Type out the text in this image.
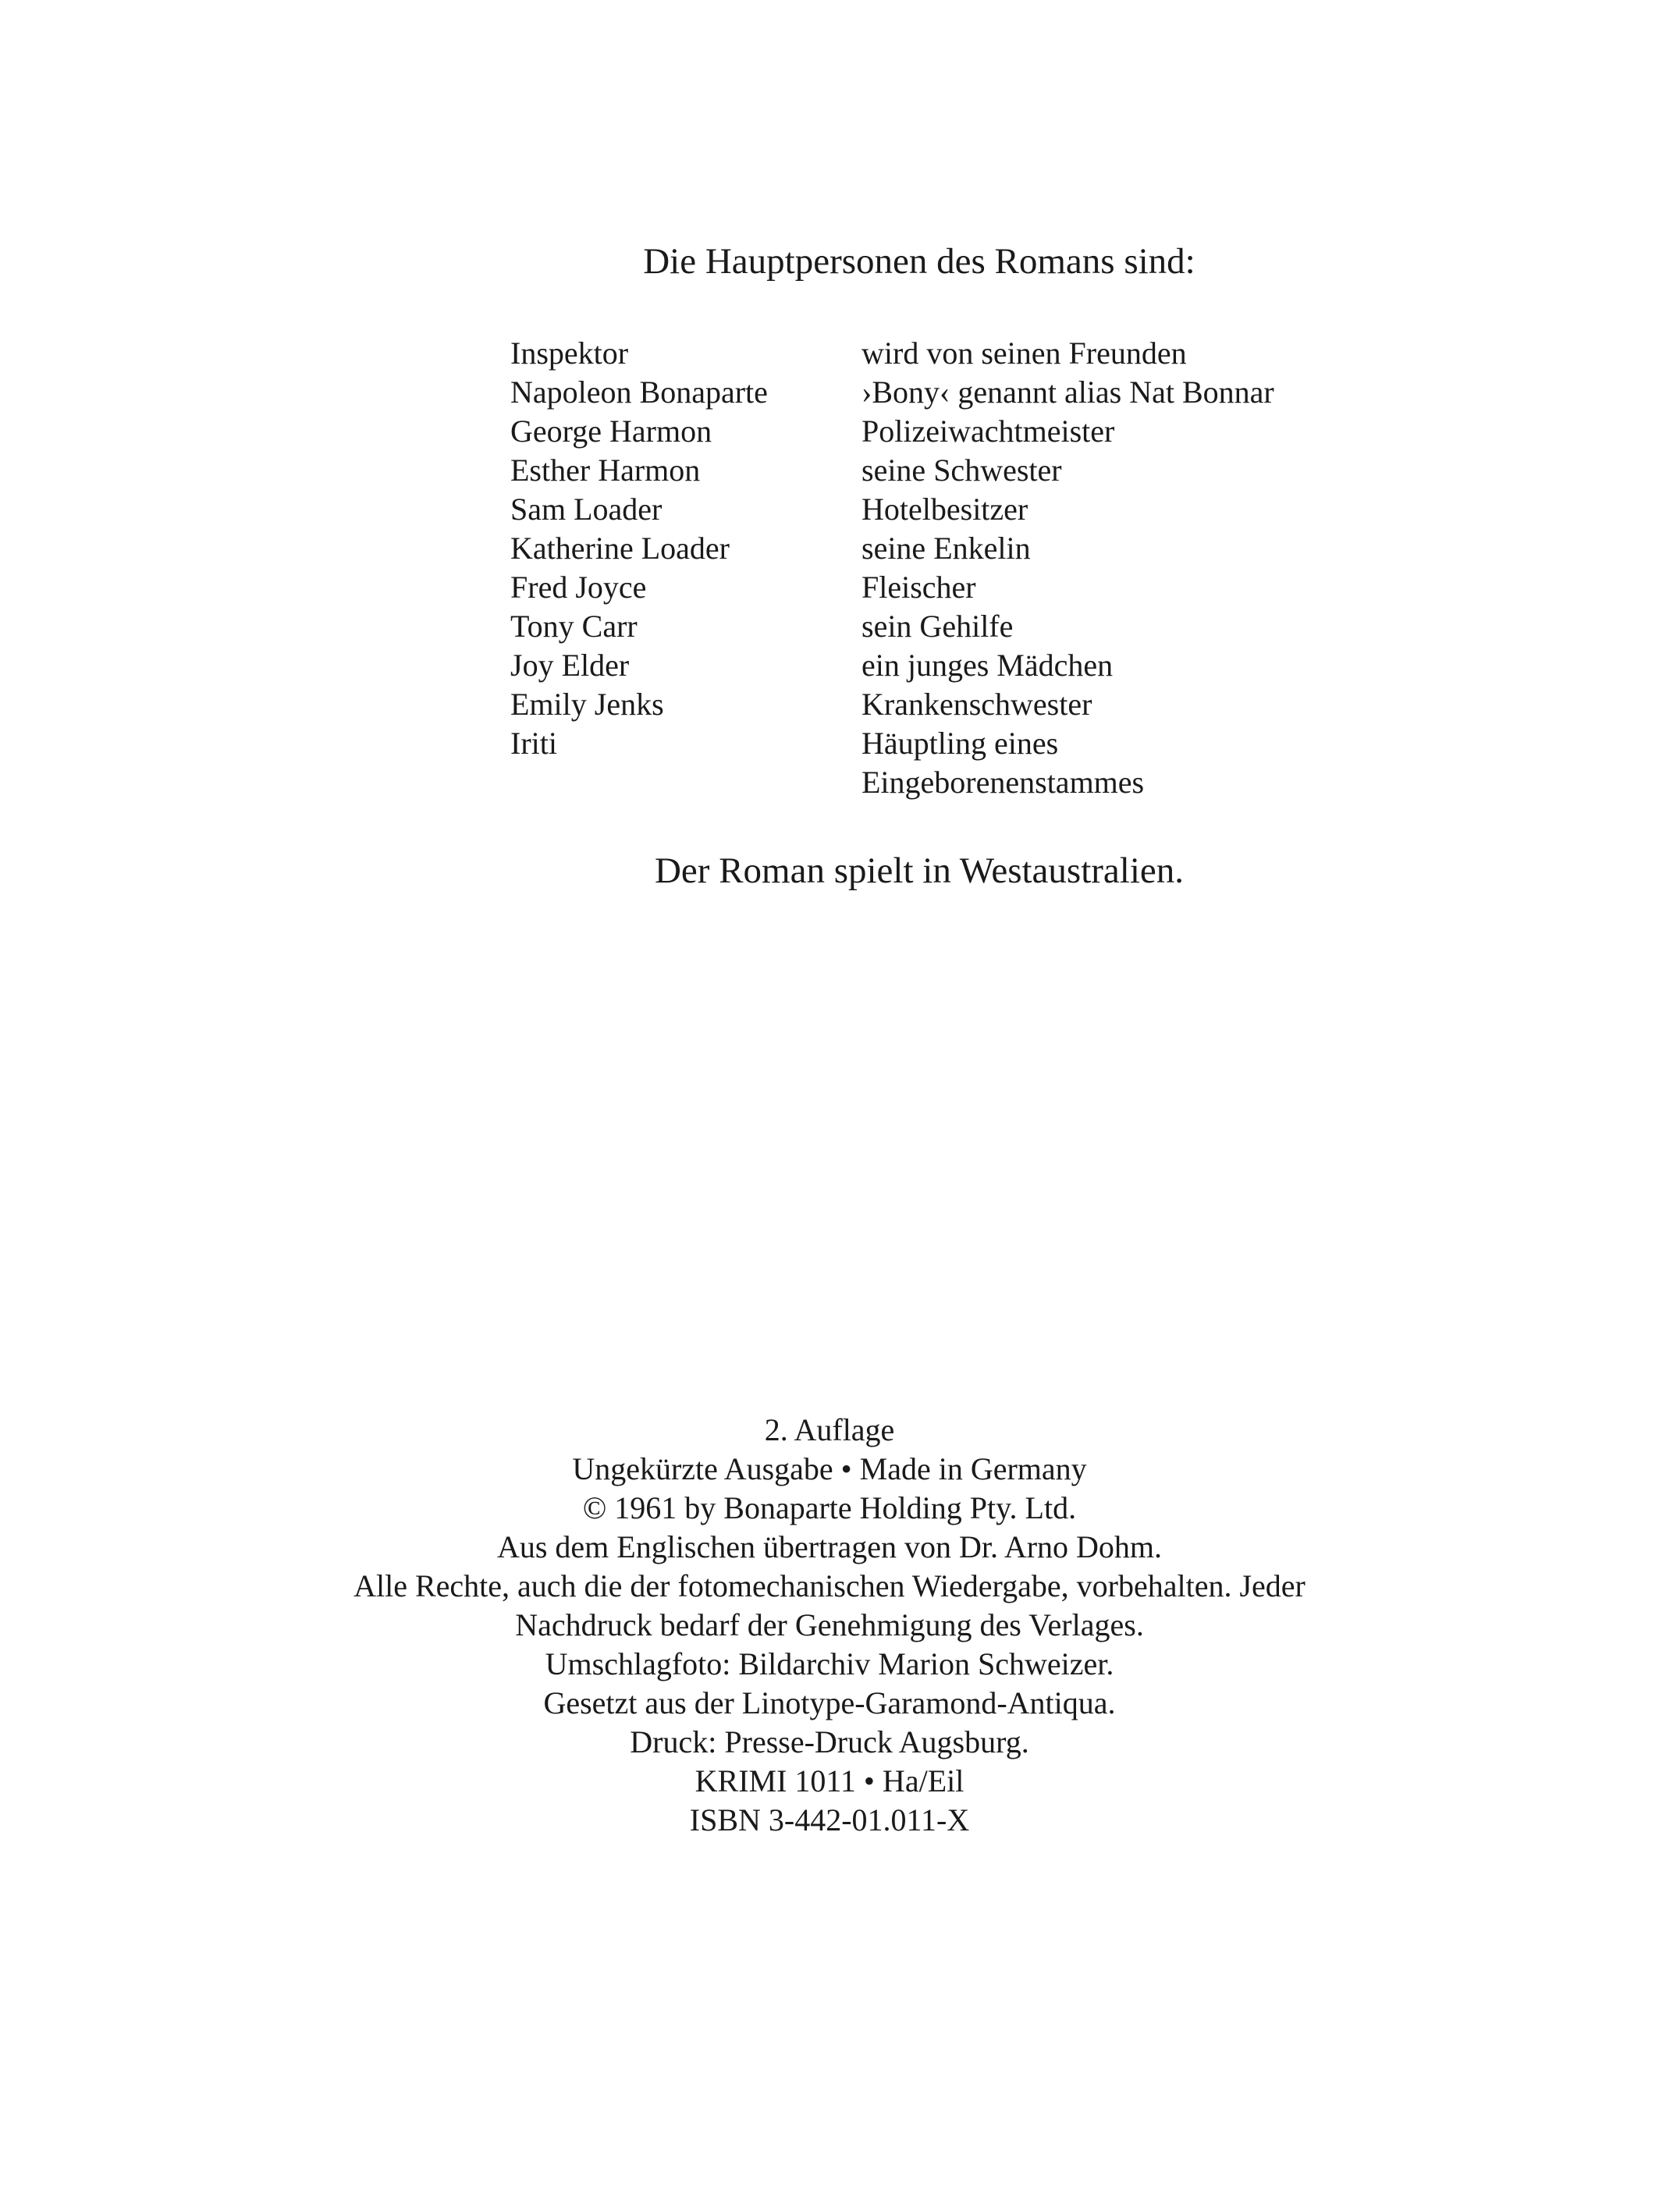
Die Hauptpersonen des Romans sind:
Inspektor	wird von seinen Freunden
Napoleon Bonaparte	›Bony‹ genannt alias Nat Bonnar
George Harmon	Polizeiwachtmeister
Esther Harmon	seine Schwester
Sam Loader	Hotelbesitzer
Katherine Loader	seine Enkelin
Fred Joyce	Fleischer
Tony Carr	sein Gehilfe
Joy Elder	ein junges Mädchen
Emily Jenks	Krankenschwester
Iriti	Häuptling eines
Eingeborenenstammes
Der Roman spielt in Westaustralien.
2. Auflage
Ungekürzte Ausgabe • Made in Germany
© 1961 by Bonaparte Holding Pty. Ltd.
Aus dem Englischen übertragen von Dr. Arno Dohm.
Alle Rechte, auch die der fotomechanischen Wiedergabe, vorbehalten. Jeder
Nachdruck bedarf der Genehmigung des Verlages.
Umschlagfoto: Bildarchiv Marion Schweizer.
Gesetzt aus der Linotype-Garamond-Antiqua.
Druck: Presse-Druck Augsburg.
KRIMI 1011 • Ha/Eil
ISBN 3-442-01.011-X
